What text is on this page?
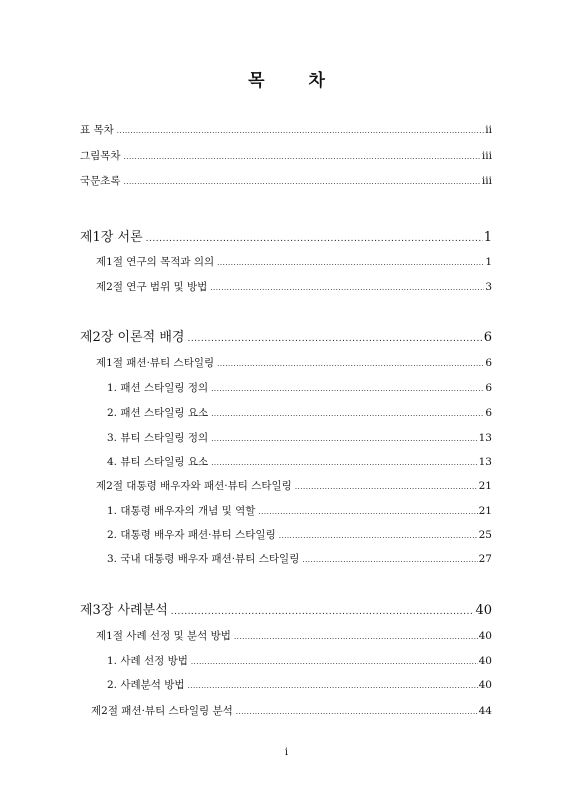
목	차
표 목차 .....	ii
그림목차 .....	iii
국문초록 .....	iii
제1장 서론 .....	1
제1절 연구의 목적과 의의 .....	1
제2절 연구 범위 및 방법 .....	3
제2장 이론적 배경 .....	6
제1절 패션·뷰티 스타일링 .....	6
1. 패션 스타일링 정의 .....	6
2. 패션 스타일링 요소 .....	6
3. 뷰티 스타일링 정의 .....	13
4. 뷰티 스타일링 요소 .....	13
제2절 대통령 배우자와 패션·뷰티 스타일링 .....	21
1. 대통령 배우자의 개념 및 역할 .....	21
2. 대통령 배우자 패션·뷰티 스타일링 .....	25
3. 국내 대통령 배우자 패션·뷰티 스타일링 .....	27
제3장 사례분석 .....	40
제1절 사례 선정 및 분석 방법 .....	40
1. 사례 선정 방법 .....	40
2. 사례분석 방법 .....	40
제2절 패션·뷰티 스타일링 분석 .....	44
i
